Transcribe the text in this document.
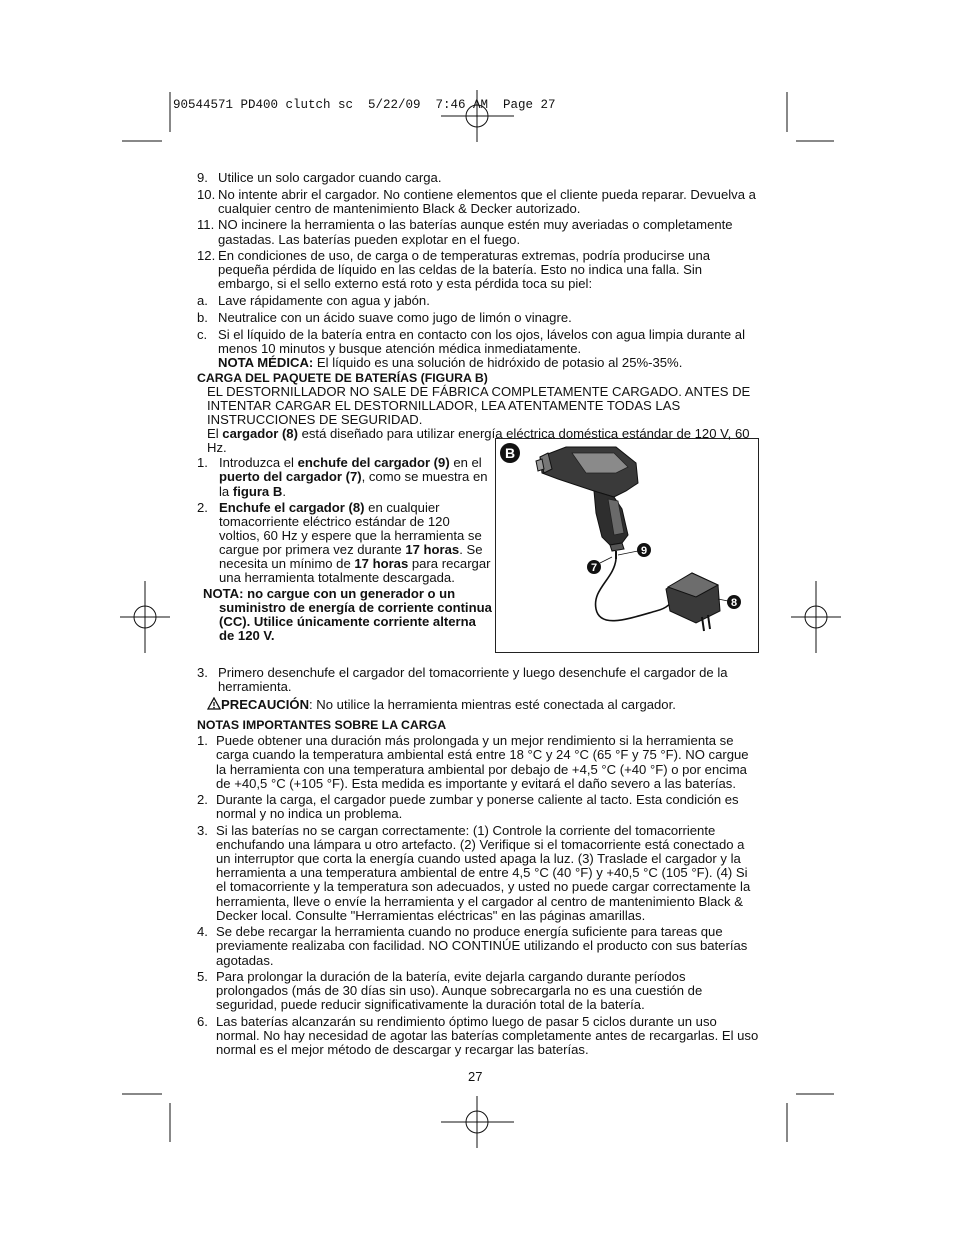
90544571 PD400 clutch sc  5/22/09  7:46 AM  Page 27
9. Utilice un solo cargador cuando carga.
10. No intente abrir el cargador. No contiene elementos que el cliente pueda reparar. Devuelva a cualquier centro de mantenimiento Black & Decker autorizado.
11. NO incinere la herramienta o las baterías aunque estén muy averiadas o completamente gastadas. Las baterías pueden explotar en el fuego.
12. En condiciones de uso, de carga o de temperaturas extremas, podría producirse una pequeña pérdida de líquido en las celdas de la batería. Esto no indica una falla. Sin embargo, si el sello externo está roto y esta pérdida toca su piel:
a. Lave rápidamente con agua y jabón.
b. Neutralice con un ácido suave como jugo de limón o vinagre.
c. Si el líquido de la batería entra en contacto con los ojos, lávelos con agua limpia durante al menos 10 minutos y busque atención médica inmediatamente.
NOTA MÉDICA: El líquido es una solución de hidróxido de potasio al 25%-35%.
CARGA DEL PAQUETE DE BATERÍAS (FIGURA B)
EL DESTORNILLADOR NO SALE DE FÁBRICA COMPLETAMENTE CARGADO. ANTES DE INTENTAR CARGAR EL DESTORNILLADOR, LEA ATENTAMENTE TODAS LAS INSTRUCCIONES DE SEGURIDAD.
El cargador (8) está diseñado para utilizar energía eléctrica doméstica estándar de 120 V, 60 Hz.
1. Introduzca el enchufe del cargador (9) en el puerto del cargador (7), como se muestra en la figura B.
2. Enchufe el cargador (8) en cualquier tomacorriente eléctrico estándar de 120 voltios, 60 Hz y espere que la herramienta se cargue por primera vez durante 17 horas. Se necesita un mínimo de 17 horas para recargar una herramienta totalmente descargada.
NOTA: no cargue con un generador o un suministro de energía de corriente continua (CC). Utilice únicamente corriente alterna de 120 V.
B
9
7
8
3. Primero desenchufe el cargador del tomacorriente y luego desenchufe el cargador de la herramienta.
PRECAUCIÓN: No utilice la herramienta mientras esté conectada al cargador.
NOTAS IMPORTANTES SOBRE LA CARGA
1. Puede obtener una duración más prolongada y un mejor rendimiento si la herramienta se carga cuando la temperatura ambiental está entre 18 °C y 24 °C (65 °F y 75 °F). NO cargue la herramienta con una temperatura ambiental por debajo de +4,5 °C (+40 °F) o por encima de +40,5 °C (+105 °F). Esta medida es importante y evitará el daño severo a las baterías.
2. Durante la carga, el cargador puede zumbar y ponerse caliente al tacto. Esta condición es normal y no indica un problema.
3. Si las baterías no se cargan correctamente: (1) Controle la corriente del tomacorriente enchufando una lámpara u otro artefacto. (2) Verifique si el tomacorriente está conectado a un interruptor que corta la energía cuando usted apaga la luz. (3) Traslade el cargador y la herramienta a una temperatura ambiental de entre 4,5 °C (40 °F) y +40,5 °C (105 °F). (4) Si el tomacorriente y la temperatura son adecuados, y usted no puede cargar correctamente la herramienta, lleve o envíe la herramienta y el cargador al centro de mantenimiento Black & Decker local. Consulte "Herramientas eléctricas" en las páginas amarillas.
4. Se debe recargar la herramienta cuando no produce energía suficiente para tareas que previamente realizaba con facilidad. NO CONTINÚE utilizando el producto con sus baterías agotadas.
5. Para prolongar la duración de la batería, evite dejarla cargando durante períodos prolongados (más de 30 días sin uso). Aunque sobrecargarla no es una cuestión de seguridad, puede reducir significativamente la duración total de la batería.
6. Las baterías alcanzarán su rendimiento óptimo luego de pasar 5 ciclos durante un uso normal. No hay necesidad de agotar las baterías completamente antes de recargarlas. El uso normal es el mejor método de descargar y recargar las baterías.
27
